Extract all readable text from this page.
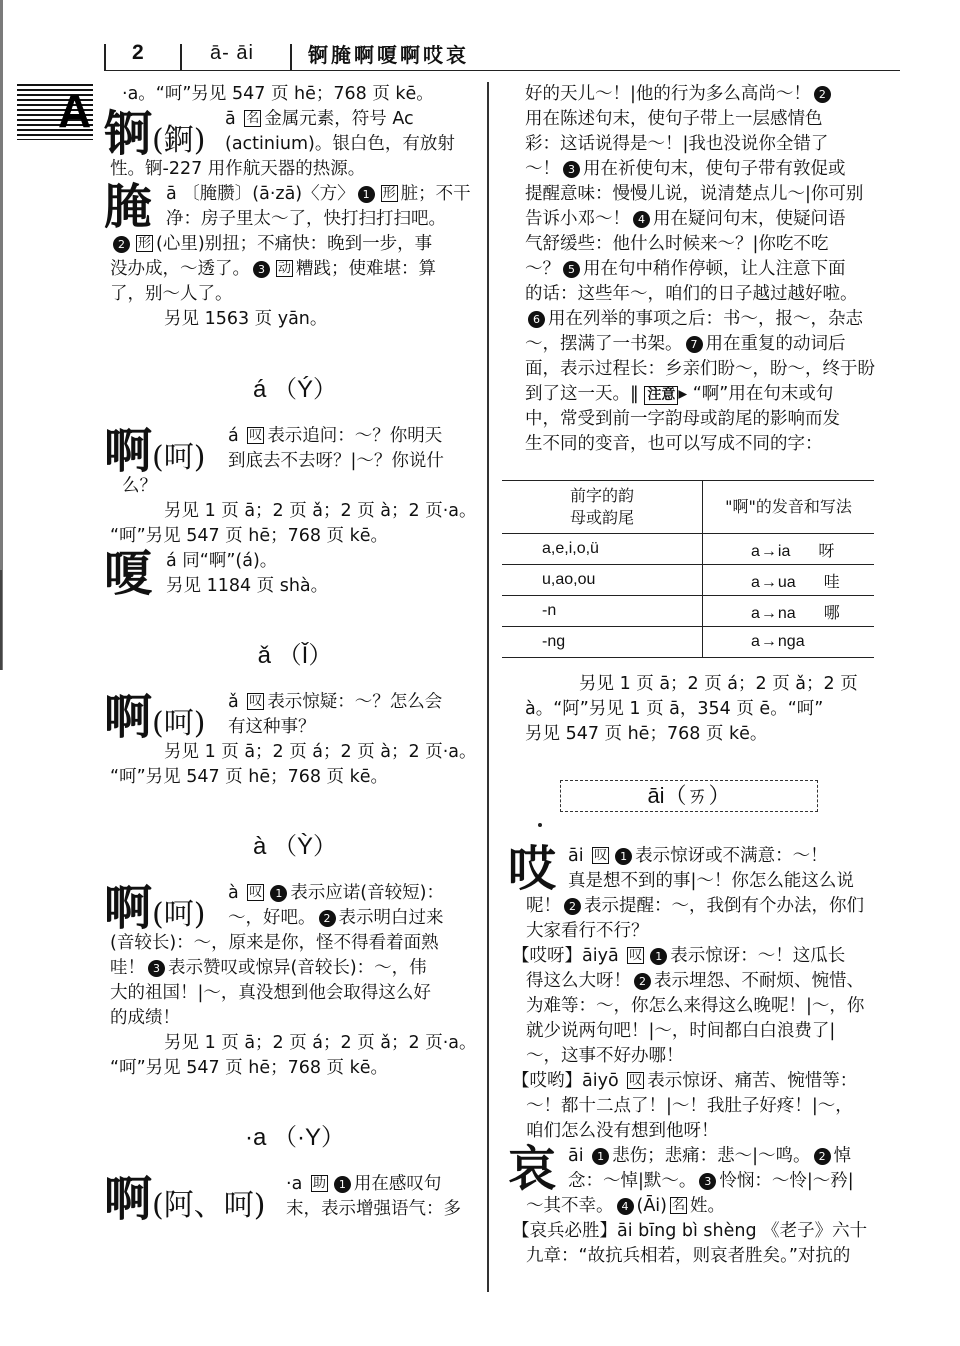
2	ā- āi	锕腌啊嗄啊哎哀
A	·a。“呵”另见 547 页 hē；768 页 kē。
锕(錒)
ā 名 金属元素，符号 Ac
(actinium)。银白色，有放射
性。锕-227 用作航天器的热源。
腌 ā 〔腌臜〕(ā·zā)〈方〉 1 形 脏；不干
净：房子里太～了，快打扫打扫吧。
2 形 (心里)别扭；不痛快：晚到一步，事
没办成，～透了。 3 动 糟践；使难堪：算
了，别～人了。
另见 1563 页 yān。
á （Ý）
啊(呵)
á 叹 表示追问：～？你明天
到底去不去呀？|～？你说什
么？
另见 1 页 ā；2 页 ǎ；2 页 à；2 页·a。
“呵”另见 547 页 hē；768 页 kē。
嗄 á 同“啊”(á)。
另见 1184 页 shà。
ǎ （Ǐ）
啊(呵)
ǎ 叹 表示惊疑：～？怎么会
有这种事？
另见 1 页 ā；2 页 á；2 页 à；2 页·a。
“呵”另见 547 页 hē；768 页 kē。
à （Ỳ）
啊(呵)
à 叹 1 表示应诺(音较短)：
～，好吧。 2 表示明白过来
(音较长)：～，原来是你，怪不得看着面熟
哇！ 3 表示赞叹或惊异(音较长)：～，伟
大的祖国！|～，真没想到他会取得这么好
的成绩！
另见 1 页 ā；2 页 á；2 页 ǎ；2 页·a。
“呵”另见 547 页 hē；768 页 kē。
·a （·Y）
啊(阿、呵)
·a 助 1 用在感叹句
末，表示增强语气：多
好的天儿～！|他的行为多么高尚～！ 2
用在陈述句末，使句子带上一层感情色
彩：这话说得是～！|我也没说你全错了
～！ 3 用在祈使句末，使句子带有敦促或
提醒意味：慢慢儿说，说清楚点儿～|你可别
告诉小邓～！ 4 用在疑问句末，使疑问语
气舒缓些：他什么时候来～？|你吃不吃
～？ 5 用在句中稍作停顿，让人注意下面
的话：这些年～，咱们的日子越过越好啦。
6 用在列举的事项之后：书～，报～，杂志
～，摆满了一书架。 7 用在重复的动词后
面，表示过程长：乡亲们盼～，盼～，终于盼
到了这一天。‖ 注意 ▸ “啊”用在句末或句
中，常受到前一字韵母或韵尾的影响而发
生不同的变音，也可以写成不同的字：
前字的韵
母或韵尾	"啊"的发音和写法
a,e,i,o,ü	a→ia 呀
u,ao,ou	a→ua 哇
-n	a→na 哪
-ng	a→nga
另见 1 页 ā；2 页 á；2 页 ǎ；2 页
à。“阿”另见 1 页 ā，354 页 ē。“呵”
另见 547 页 hē；768 页 kē。
āi（ㄞ）
哎 āi 叹 1 表示惊讶或不满意：～！
真是想不到的事|～！你怎么能这么说
呢！ 2 表示提醒：～，我倒有个办法，你们
大家看行不行？
【哎呀】āiyā 叹 1 表示惊讶：～！这瓜长
得这么大呀！ 2 表示埋怨、不耐烦、惋惜、
为难等：～，你怎么来得这么晚呢！|～，你
就少说两句吧！|～，时间都白白浪费了|
～，这事不好办哪！
【哎哟】āiyō 叹 表示惊讶、痛苦、惋惜等：
～！都十二点了！|～！我肚子好疼！|～，
咱们怎么没有想到他呀！
哀 āi 1 悲伤；悲痛：悲～|～鸣。 2 悼
念：～悼|默～。 3 怜悯：～怜|～矜|
～其不幸。 4 (Āi) 名 姓。
【哀兵必胜】āi bīng bì shèng 《老子》六十
九章：“故抗兵相若，则哀者胜矣。”对抗的
